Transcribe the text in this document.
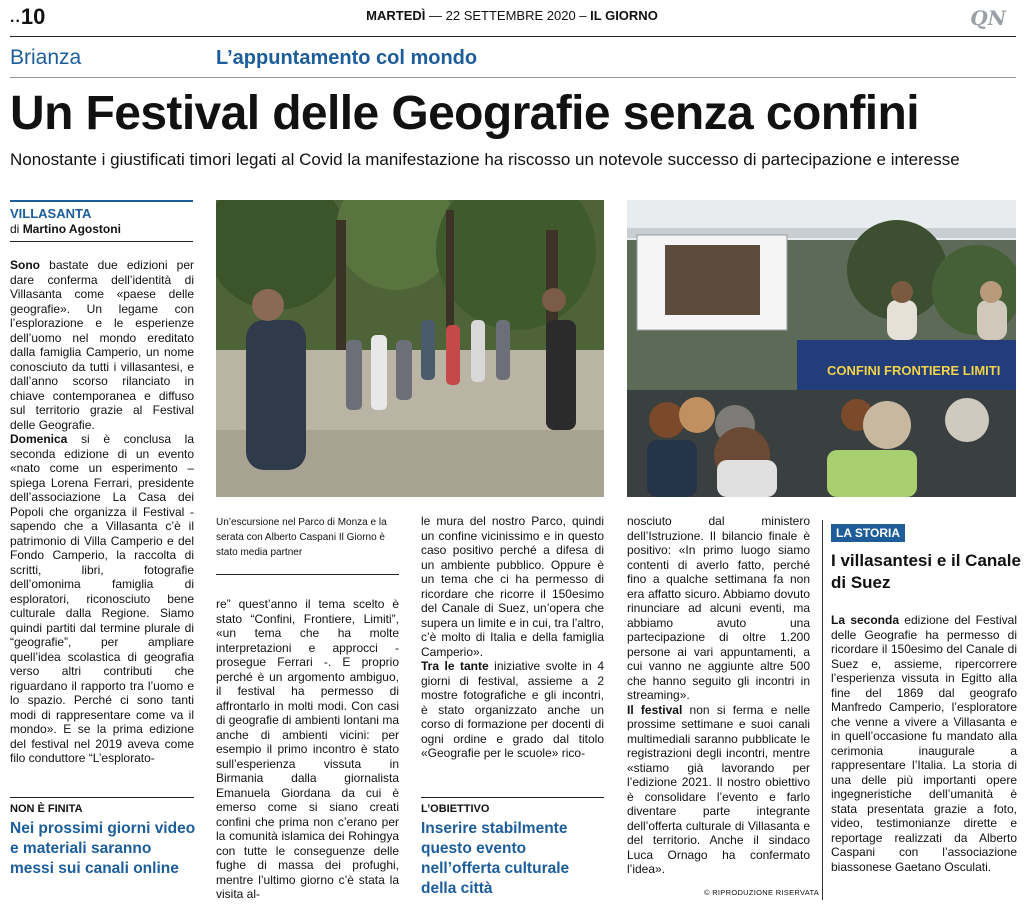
..10	MARTEDÌ — 22 SETTEMBRE 2020 – IL GIORNO	QN
Brianza	L’appuntamento col mondo
Un Festival delle Geografie senza confini
Nonostante i giustificati timori legati al Covid la manifestazione ha riscosso un notevole successo di partecipazione e interesse
VILLASANTA
di Martino Agostoni

Sono bastate due edizioni per dare conferma dell’identità di Villasanta come «paese delle geografie». Un legame con l’esplorazione e le esperienze dell’uomo nel mondo ereditato dalla famiglia Camperio, un nome conosciuto da tutti i villasantesi, e dall’anno scorso rilanciato in chiave contemporanea e diffuso sul territorio grazie al Festival delle Geografie.

Domenica si è conclusa la seconda edizione di un evento «nato come un esperimento – spiega Lorena Ferrari, presidente dell’associazione La Casa dei Popoli che organizza il Festival - sapendo che a Villasanta c’è il patrimonio di Villa Camperio e del Fondo Camperio, la raccolta di scritti, libri, fotografie dell’omonima famiglia di esploratori, riconosciuto bene culturale dalla Regione. Siamo quindi partiti dal termine plurale di “geografie”, per ampliare quell’idea scolastica di geografia verso altri contributi che riguardano il rapporto tra l’uomo e lo spazio. Perché ci sono tanti modi di rappresentare come va il mondo». E se la prima edizione del festival nel 2019 aveva come filo conduttore “L’esplorato-

NON È FINITA
Nei prossimi giorni video e materiali saranno messi sui canali online
CONFINI FRONTIERE LIMITI
Un’escursione nel Parco di Monza e la serata con Alberto Caspani Il Giorno è stato media partner

re” quest’anno il tema scelto è stato “Confini, Frontiere, Limiti”, «un tema che ha molte interpretazioni e approcci - prosegue Ferrari -. E proprio perché è un argomento ambiguo, il festival ha permesso di affrontarlo in molti modi. Con casi di geografie di ambienti lontani ma anche di ambienti vicini: per esempio il primo incontro è stato sull’esperienza vissuta in Birmania dalla giornalista Emanuela Giordana da cui è emerso come si siano creati confini che prima non c’erano per la comunità islamica dei Rohingya con tutte le conseguenze delle fughe di massa dei profughi, mentre l’ultimo giorno c’è stata la visita al-

le mura del nostro Parco, quindi un confine vicinissimo e in questo caso positivo perché a difesa di un ambiente pubblico. Oppure è un tema che ci ha permesso di ricordare che ricorre il 150esimo del Canale di Suez, un’opera che supera un limite e in cui, tra l’altro, c’è molto di Italia e della famiglia Camperio».

Tra le tante iniziative svolte in 4 giorni di festival, assieme a 2 mostre fotografiche e gli incontri, è stato organizzato anche un corso di formazione per docenti di ogni ordine e grado dal titolo «Geografie per le scuole» rico-

L’OBIETTIVO
Inserire stabilmente questo evento nell’offerta culturale della città

nosciuto dal ministero dell’Istruzione. Il bilancio finale è positivo: «In primo luogo siamo contenti di averlo fatto, perché fino a qualche settimana fa non era affatto sicuro. Abbiamo dovuto rinunciare ad alcuni eventi, ma abbiamo avuto una partecipazione di oltre 1.200 persone ai vari appuntamenti, a cui vanno ne aggiunte altre 500 che hanno seguito gli incontri in streaming».

Il festival non si ferma e nelle prossime settimane e suoi canali multimediali saranno pubblicate le registrazioni degli incontri, mentre «stiamo già lavorando per l’edizione 2021. Il nostro obiettivo è consolidare l’evento e farlo diventare parte integrante dell’offerta culturale di Villasanta e del territorio. Anche il sindaco Luca Ornago ha confermato l’idea».

© RIPRODUZIONE RISERVATA
LA STORIA
I villasantesi e il Canale di Suez
La seconda edizione del Festival delle Geografie ha permesso di ricordare il 150esimo del Canale di Suez e, assieme, ripercorrere l’esperienza vissuta in Egitto alla fine del 1869 dal geografo Manfredo Camperio, l’esploratore che venne a vivere a Villasanta e in quell’occasione fu mandato alla cerimonia inaugurale a rappresentare l’Italia. La storia di una delle più importanti opere ingegneristiche dell’umanità è stata presentata grazie a foto, video, testimonianze dirette e reportage realizzati da Alberto Caspani con l’associazione biassonese Gaetano Osculati.
